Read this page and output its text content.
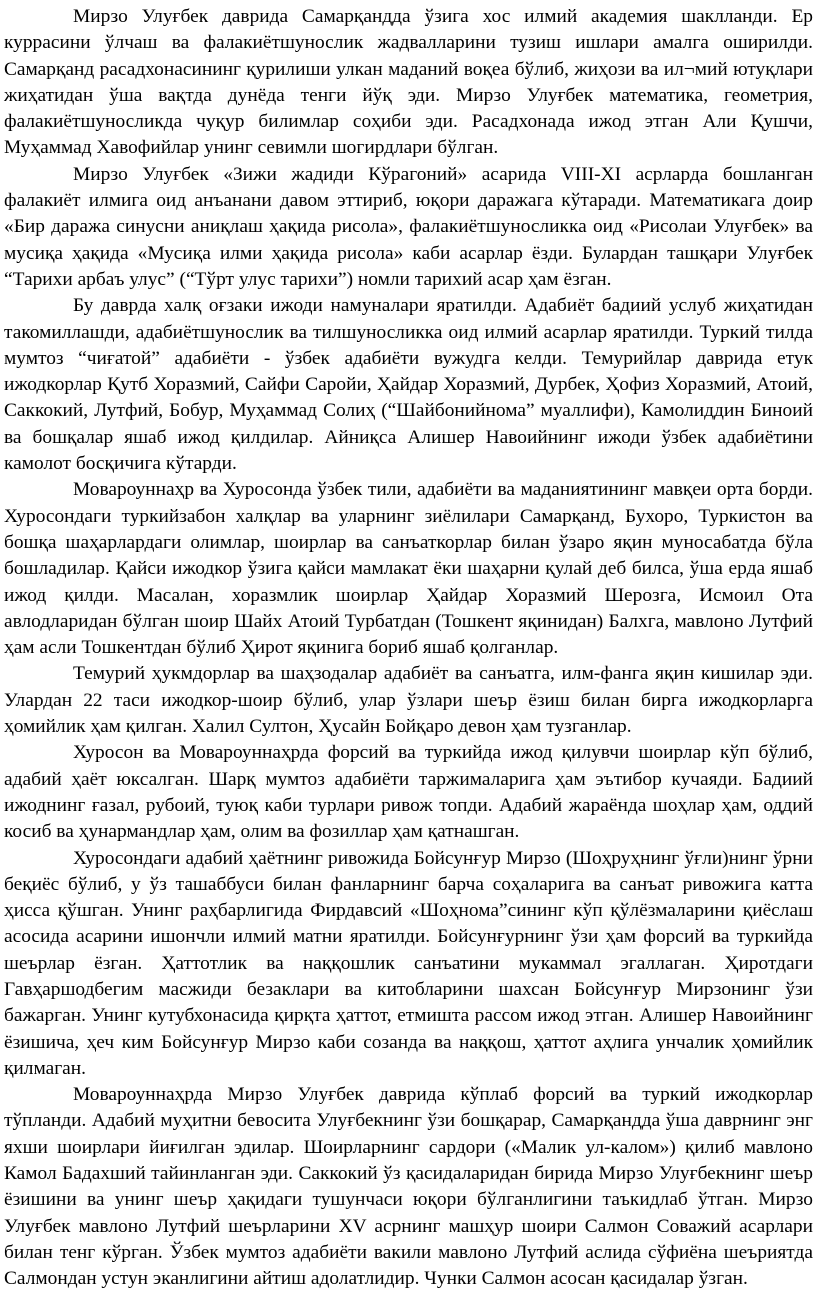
Мирзо Улуғбек даврида Самарқандда ўзига хос илмий академия шаклланди. Ер куррасини ўлчаш ва фалакиётшунослик жадвалларини тузиш ишлари амалга оширилди. Самарқанд расадхонасининг қурилиши улкан маданий воқеа бўлиб, жиҳози ва ил¬мий ютуқлари жиҳатидан ўша вақтда дунёда тенги йўқ эди. Мирзо Улуғбек математика, геометрия, фалакиётшуносликда чуқур билимлар соҳиби эди. Расадхонада ижод этган Али Қушчи, Муҳаммад Хавофийлар унинг севимли шогирдлари бўлган.

Мирзо Улуғбек «Зижи жадиди Кўрагоний» асарида VIII-XI асрларда бошланган фалакиёт илмига оид анъанани давом эттириб, юқори даражага кўтаради. Математикага доир «Бир дaража синусни аниқлаш ҳақида рисола», фалакиётшуносликка оид «Рисолаи Улуғбек» ва мусиқа ҳақида «Мусиқа илми ҳақида рисола» каби асарлар ёзди. Булардан ташқари Улуғбек “Тарихи арбаъ улус” (“Тўрт улус тарихи”) номли тарихий асар ҳам ёзган.

Бу даврда халқ оғзаки ижоди намуналари яратилди. Адабиёт бадиий услуб жиҳатидан такомиллашди, адабиётшунослик ва тилшуносликка оид илмий асарлар яратилди. Туркий тилда мумтоз “чиғатой” адабиёти - ўзбек адабиёти вужудга келди. Темурийлар даврида етук ижодкорлар Қутб Хоразмий, Сайфи Саройи, Ҳайдар Хоразмий, Дурбек, Ҳофиз Хоразмий, Атоий, Саккокий, Лутфий, Бобур, Муҳаммад Солиҳ (“Шайбонийнома” муаллифи), Камолиддин Биноий ва бошқалар яшаб ижод қилдилар. Айниқса Алишер Навоийнинг ижоди ўзбек адабиётини камолот босқичига кўтарди.

Мовароуннаҳр ва Хуросонда ўзбек тили, адабиёти ва маданиятининг мавқеи орта борди. Хуросондаги туркийзабон халқлар ва уларнинг зиёлилари Самарқанд, Бухоро, Туркистон ва бошқа шаҳарлардаги олимлар, шоирлар ва санъаткорлар билан ўзаро яқин муносабатда бўла бошладилар. Қайси ижодкор ўзига қайси мамлакат ёки шаҳарни қулай деб билса, ўша ерда яшаб ижод қилди. Масалан, хоразмлик шоирлар Ҳайдар Хоразмий Шерозга, Исмоил Ота авлодларидан бўлган шоир Шайх Атоий Турбатдан (Тошкент яқинидан) Балхга, мавлоно Лутфий ҳам асли Тошкентдан бўлиб Ҳирот яқинига бориб яшаб қолганлар.

Темурий ҳукмдорлар ва шаҳзодалар адабиёт ва санъатга, илм-фанга яқин кишилар эди. Улардан 22 таси ижодкор-шоир бўлиб, улар ўзлари шеър ёзиш билан бирга ижодкорларга ҳомийлик ҳам қилган. Халил Султон, Ҳусайн Бойқаро девон ҳам тузганлар.

Хуросон ва Мовароуннаҳрда форсий ва туркийда ижод қилувчи шоирлар кўп бўлиб, адабий ҳаёт юксалган. Шарқ мумтоз адабиёти таржималарига ҳам эътибор кучаяди. Бадиий ижоднинг ғазал, рубоий, туюқ каби турлари ривож топди. Адабий жараёнда шоҳлар ҳам, оддий косиб ва ҳунармандлар ҳам, олим ва фозиллар ҳам қатнашган.

Хуросондаги адабий ҳаётнинг ривожида Бойсунғур Мирзо (Шоҳруҳнинг ўғли)нинг ўрни беқиёс бўлиб, у ўз ташаббуси билан фанларнинг барча соҳаларига ва санъат ривожига катта ҳисса қўшган. Унинг раҳбарлигида Фирдавсий «Шоҳнома”сининг кўп қўлёзмаларини қиёслаш асосида асарини ишончли илмий матни яратилди. Бойсунғурнинг ўзи ҳам форсий ва туркийда шеърлар ёзган. Ҳаттотлик ва наққошлик санъатини мукаммал эгаллаган. Ҳиротдаги Гавҳаршодбегим масжиди безаклари ва китобларини шахсан Бойсунғур Мирзонинг ўзи бажарган. Унинг кутубхонасида қирқта ҳаттот, етмишта рассом ижод этган. Алишер Навоийнинг ёзишича, ҳеч ким Бойсунғур Мирзо каби созанда ва наққош, ҳаттот аҳлига унчалик ҳомийлик қилмаган.

Мовароуннаҳрда Мирзо Улуғбек даврида кўплаб форсий ва туркий ижодкорлар тўпланди. Адабий муҳитни бевосита Улуғбекнинг ўзи бошқарар, Самарқандда ўша даврнинг энг яхши шоирлари йиғилган эдилар. Шоирларнинг сардори («Малик ул-калом») қилиб мавлоно Камол Бадахший тайинланган эди. Саккокий ўз қасидаларидан бирида Мирзо Улуғбекнинг шеър ёзишини ва унинг шеър ҳақидаги тушунчаси юқори бўлганлигини таъкидлаб ўтган. Мирзо Улуғбек мавлоно Лутфий шеърларини XV асрнинг машҳур шоири Салмон Соважий асарлари билан тенг кўрган. Ўзбек мумтоз адабиёти вакили мавлоно Лутфий аслида сўфиёна шеъриятда Салмондан устун эканлигини айтиш адолатлидир. Чунки Салмон асосан қасидалар ўзган.
